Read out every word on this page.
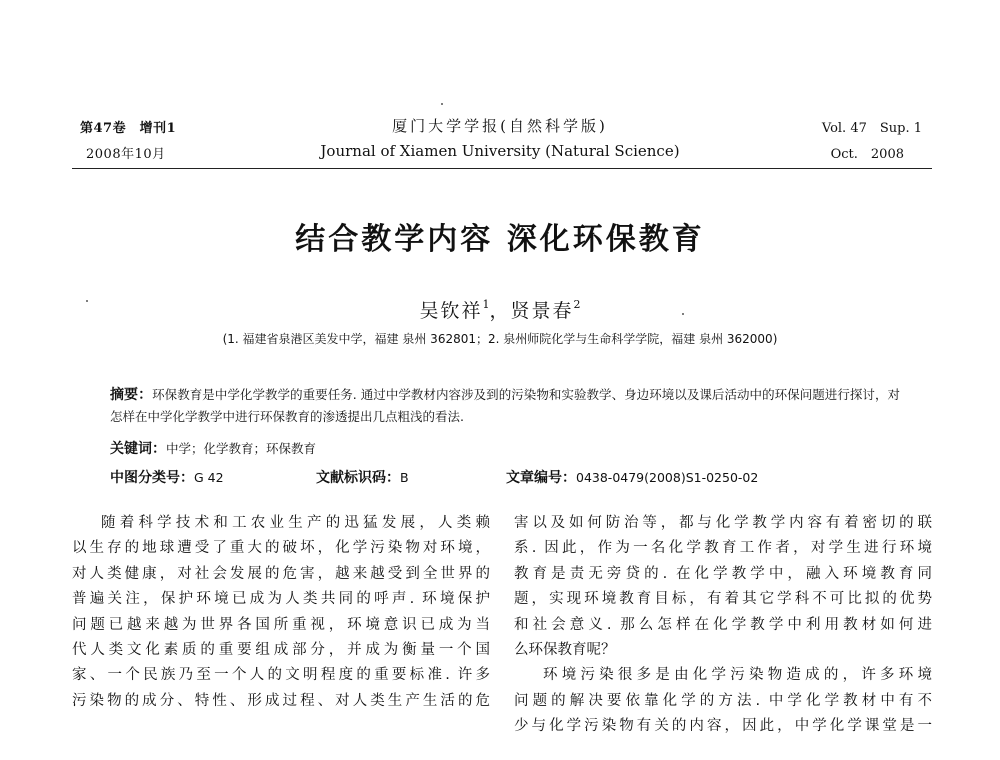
第47卷　增刊1
2008年10月
厦门大学学报(自然科学版)
Journal of Xiamen University (Natural Science)
Vol. 47　Sup. 1
Oct.　2008
结合教学内容 深化环保教育
吴钦祥$^1$，贤景春$^2$
(1. 福建省泉港区美发中学，福建 泉州 362801；2. 泉州师院化学与生命科学学院，福建 泉州 362000)
摘要：环保教育是中学化学教学的重要任务. 通过中学教材内容涉及到的污染物和实验教学、身边环境以及课后活动中的环保问题进行探讨，对怎样在中学化学教学中进行环保教育的渗透提出几点粗浅的看法.
关键词：中学；化学教育；环保教育
中图分类号：G 42	文献标识码：B	文章编号：0438-0479(2008)S1-0250-02
随着科学技术和工农业生产的迅猛发展，人类赖
以生存的地球遭受了重大的破坏，化学污染物对环境，
对人类健康，对社会发展的危害，越来越受到全世界的
普遍关注，保护环境已成为人类共同的呼声. 环境保护
问题已越来越为世界各国所重视，环境意识已成为当
代人类文化素质的重要组成部分，并成为衡量一个国
家、一个民族乃至一个人的文明程度的重要标准. 许多
污染物的成分、特性、形成过程、对人类生产生活的危
害以及如何防治等，都与化学教学内容有着密切的联
系. 因此，作为一名化学教育工作者，对学生进行环境
教育是责无旁贷的. 在化学教学中，融入环境教育同
题，实现环境教育目标，有着其它学科不可比拟的优势
和社会意义. 那么怎样在化学教学中利用教材如何进
么环保教育呢？
环境污染很多是由化学污染物造成的，许多环境
问题的解决要依靠化学的方法. 中学化学教材中有不
少与化学污染物有关的内容，因此，中学化学课堂是一
